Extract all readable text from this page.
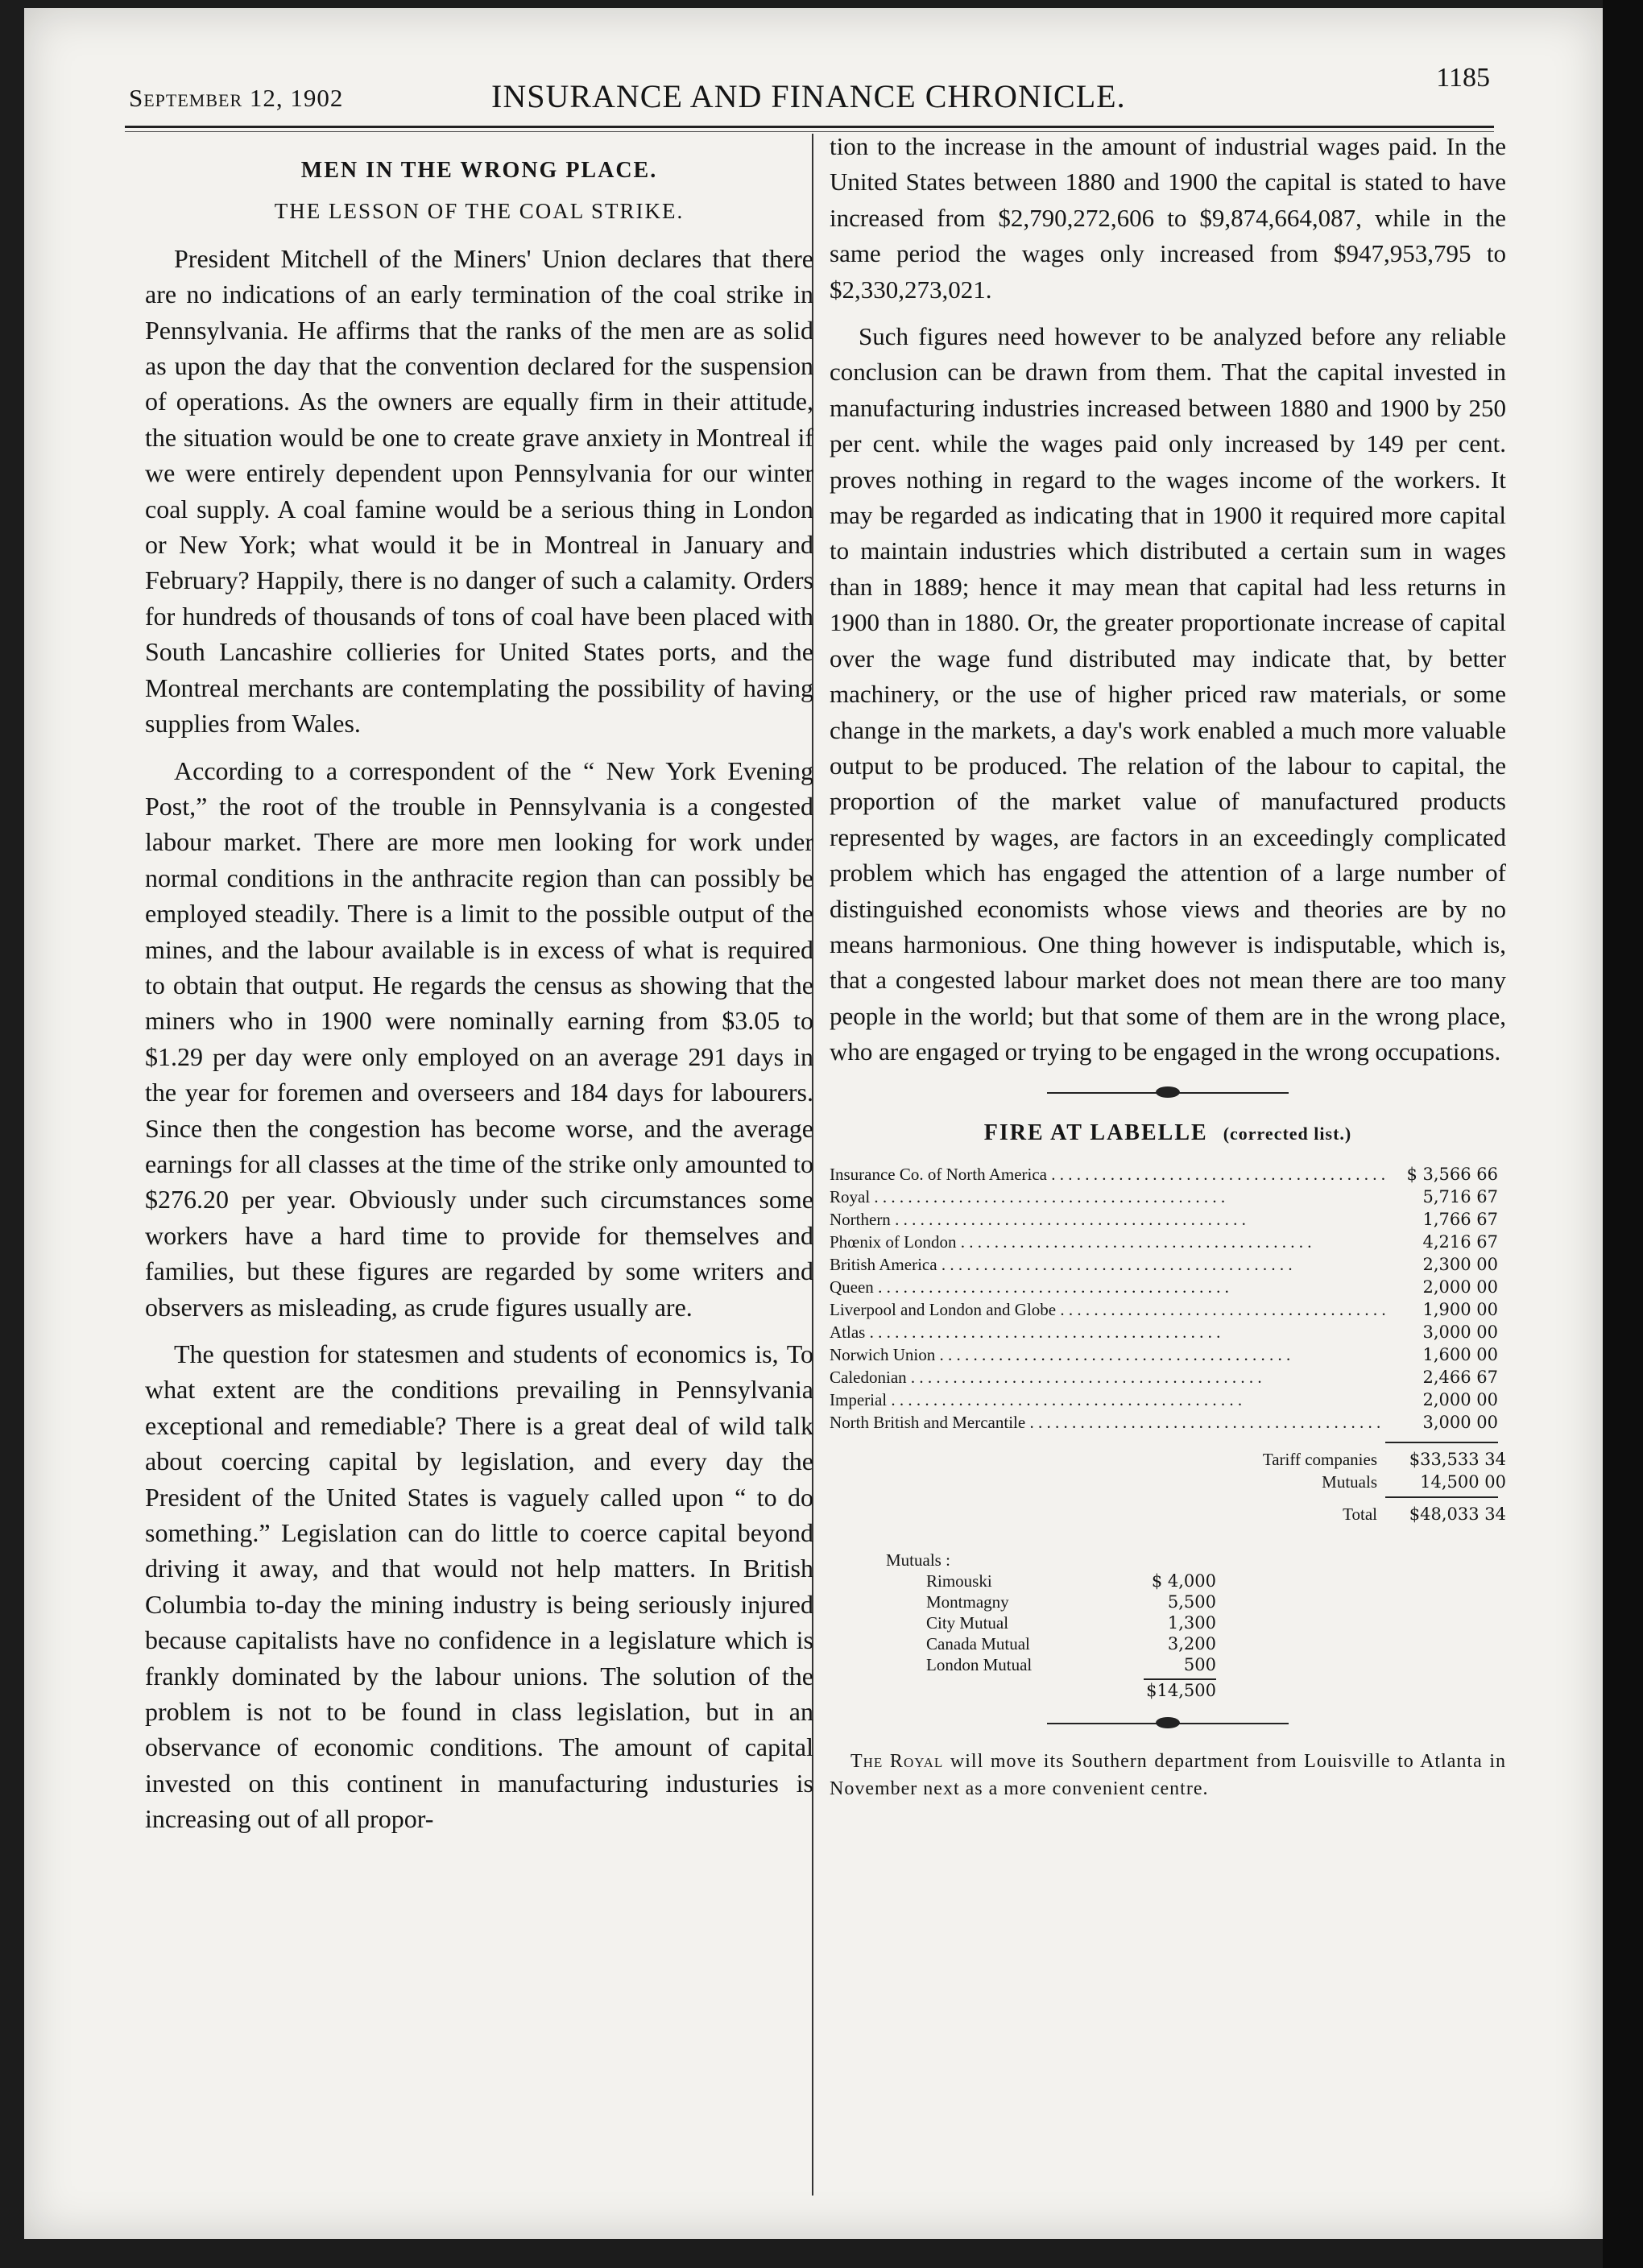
September 12, 1902	INSURANCE AND FINANCE CHRONICLE.
1185
MEN IN THE WRONG PLACE.
THE LESSON OF THE COAL STRIKE.

President Mitchell of the Miners' Union declares that there are no indications of an early termination of the coal strike in Pennsylvania. He affirms that the ranks of the men are as solid as upon the day that the convention declared for the suspension of operations. As the owners are equally firm in their attitude, the situation would be one to create grave anxiety in Montreal if we were entirely dependent upon Pennsylvania for our winter coal supply. A coal famine would be a serious thing in London or New York; what would it be in Montreal in January and February? Happily, there is no danger of such a calamity. Orders for hundreds of thousands of tons of coal have been placed with South Lancashire collieries for United States ports, and the Montreal merchants are contemplating the possibility of having supplies from Wales.

According to a correspondent of the “ New York Evening Post,” the root of the trouble in Pennsylvania is a congested labour market. There are more men looking for work under normal conditions in the anthracite region than can possibly be employed steadily. There is a limit to the possible output of the mines, and the labour available is in excess of what is required to obtain that output. He regards the census as showing that the miners who in 1900 were nominally earning from $3.05 to $1.29 per day were only employed on an average 291 days in the year for foremen and overseers and 184 days for labourers. Since then the congestion has become worse, and the average earnings for all classes at the time of the strike only amounted to $276.20 per year. Obviously under such circumstances some workers have a hard time to provide for themselves and families, but these figures are regarded by some writers and observers as misleading, as crude figures usually are.

The question for statesmen and students of economics is, To what extent are the conditions prevailing in Pennsylvania exceptional and remediable? There is a great deal of wild talk about coercing capital by legislation, and every day the President of the United States is vaguely called upon “ to do something.” Legislation can do little to coerce capital beyond driving it away, and that would not help matters. In British Columbia to-day the mining industry is being seriously injured because capitalists have no confidence in a legislature which is frankly dominated by the labour unions. The solution of the problem is not to be found in class legislation, but in an observance of economic conditions. The amount of capital invested on this continent in manufacturing industuries is increasing out of all propor-

tion to the increase in the amount of industrial wages paid. In the United States between 1880 and 1900 the capital is stated to have increased from $2,790,272,606 to $9,874,664,087, while in the same period the wages only increased from $947,953,795 to $2,330,273,021.

Such figures need however to be analyzed before any reliable conclusion can be drawn from them. That the capital invested in manufacturing industries increased between 1880 and 1900 by 250 per cent. while the wages paid only increased by 149 per cent. proves nothing in regard to the wages income of the workers. It may be regarded as indicating that in 1900 it required more capital to maintain industries which distributed a certain sum in wages than in 1889; hence it may mean that capital had less returns in 1900 than in 1880. Or, the greater proportionate increase of capital over the wage fund distributed may indicate that, by better machinery, or the use of higher priced raw materials, or some change in the markets, a day's work enabled a much more valuable output to be produced. The relation of the labour to capital, the proportion of the market value of manufactured products represented by wages, are factors in an exceedingly complicated problem which has engaged the attention of a large number of distinguished economists whose views and theories are by no means harmonious. One thing however is indisputable, which is, that a congested labour market does not mean there are too many people in the world; but that some of them are in the wrong place, who are engaged or trying to be engaged in the wrong occupations.

FIRE AT LABELLE (corrected list.)
Insurance Co. of North America . . .	$ 3,566 66
Royal . . .	5,716 67
Northern . . .	1,766 67
Phœnix of London . . .	4,216 67
British America . . .	2,300 00
Queen . . .	2,000 00
Liverpool and London and Globe . . .	1,900 00
Atlas . . .	3,000 00
Norwich Union . . .	1,600 00
Caledonian . . .	2,466 67
Imperial . . .	2,000 00
North British and Mercantile . . .	3,000 00
Tariff companies	$33,533 34
Mutuals	14,500 00
Total	$48,033 34
Mutuals :
Rimouski	$ 4,000
Montmagny	5,500
City Mutual	1,300
Canada Mutual	3,200
London Mutual	500
$14,500
The Royal will move its Southern department from Louisville to Atlanta in November next as a more convenient centre.
